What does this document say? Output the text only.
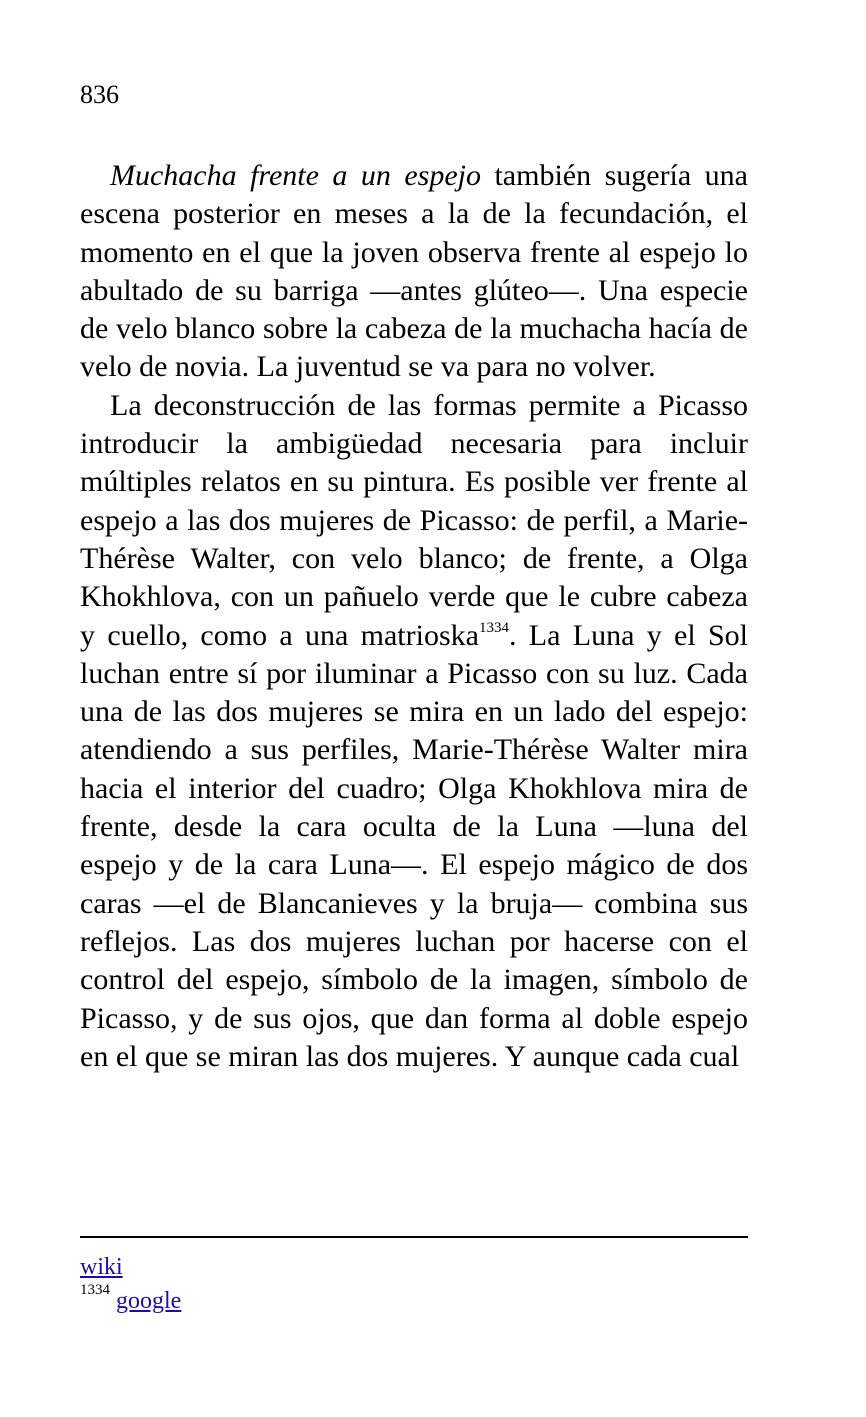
836

Muchacha frente a un espejo también sugería una escena posterior en meses a la de la fecundación, el momento en el que la joven observa frente al espejo lo abultado de su barriga —antes glúteo—. Una especie de velo blanco sobre la cabeza de la muchacha hacía de velo de novia. La juventud se va para no volver.

La deconstrucción de las formas permite a Picasso introducir la ambigüedad necesaria para incluir múltiples relatos en su pintura. Es posible ver frente al espejo a las dos mujeres de Picasso: de perfil, a Marie-Thérèse Walter, con velo blanco; de frente, a Olga Khokhlova, con un pañuelo verde que le cubre cabeza y cuello, como a una matrioska$^{1334}$. La Luna y el Sol luchan entre sí por iluminar a Picasso con su luz. Cada una de las dos mujeres se mira en un lado del espejo: atendiendo a sus perfiles, Marie-Thérèse Walter mira hacia el interior del cuadro; Olga Khokhlova mira de frente, desde la cara oculta de la Luna —luna del espejo y de la cara Luna—. El espejo mágico de dos caras —el de Blancanieves y la bruja— combina sus reflejos. Las dos mujeres luchan por hacerse con el control del espejo, símbolo de la imagen, símbolo de Picasso, y de sus ojos, que dan forma al doble espejo en el que se miran las dos mujeres. Y aunque cada cual

wiki
1334 google
